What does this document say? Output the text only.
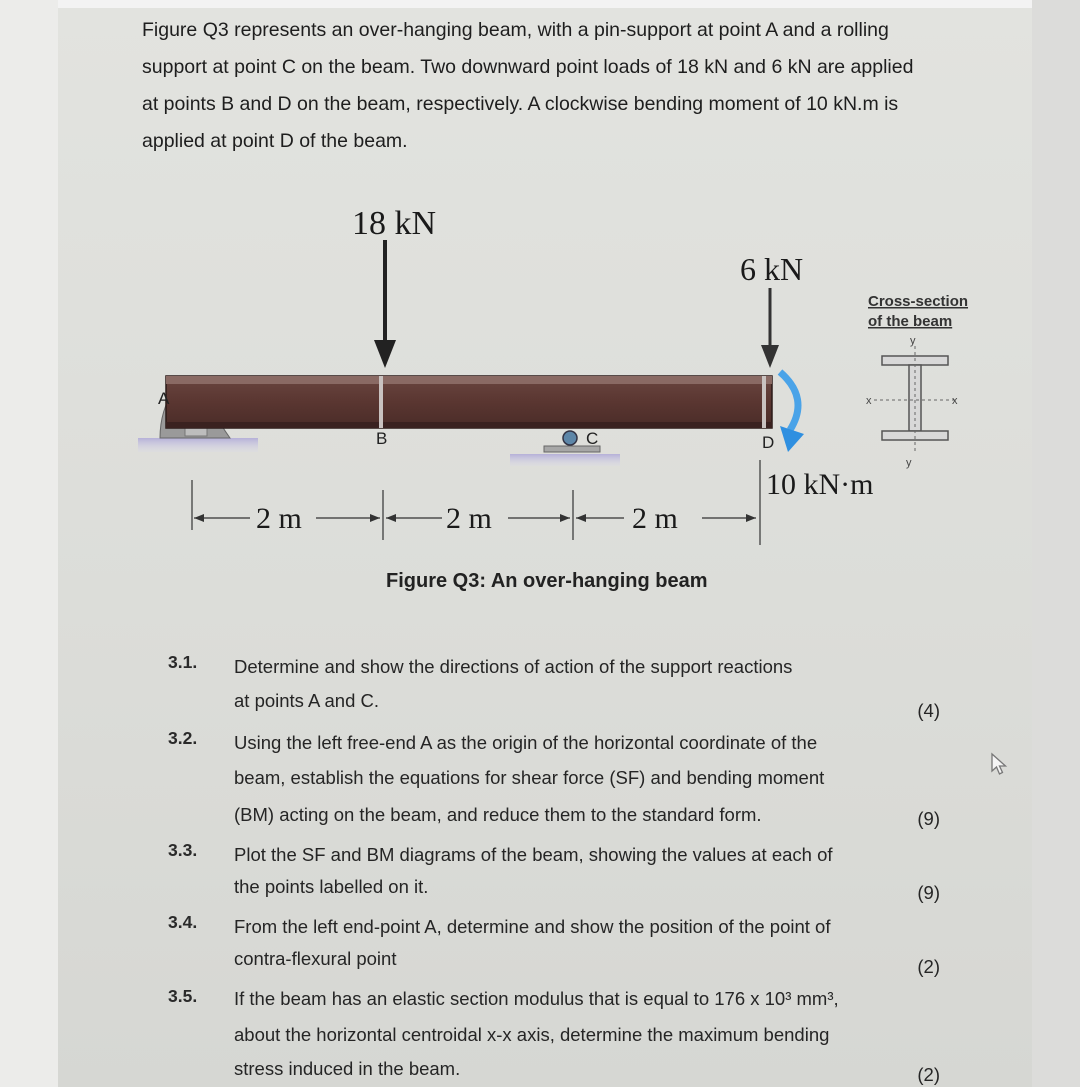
Figure Q3 represents an over-hanging beam, with a pin-support at point A and a rolling
support at point C on the beam. Two downward point loads of 18 kN and 6 kN are applied
at points B and D on the beam, respectively. A clockwise bending moment of 10 kN.m is
applied at point D of the beam.
18 kN
6 kN
10 kN·m
A
B	C	D
2 m	2 m	2 m
Cross-section
of the beam
y
y
x	x
Figure Q3: An over-hanging beam
3.1.	Determine and show the directions of action of the support reactions
at points A and C.	(4)
3.2.	Using the left free-end A as the origin of the horizontal coordinate of the
beam, establish the equations for shear force (SF) and bending moment
(BM) acting on the beam, and reduce them to the standard form.	(9)
3.3.	Plot the SF and BM diagrams of the beam, showing the values at each of
the points labelled on it.	(9)
3.4.	From the left end-point A, determine and show the position of the point of
contra-flexural point	(2)
3.5.	If the beam has an elastic section modulus that is equal to 176 x 10³ mm³,
about the horizontal centroidal x-x axis, determine the maximum bending
stress induced in the beam.	(2)
